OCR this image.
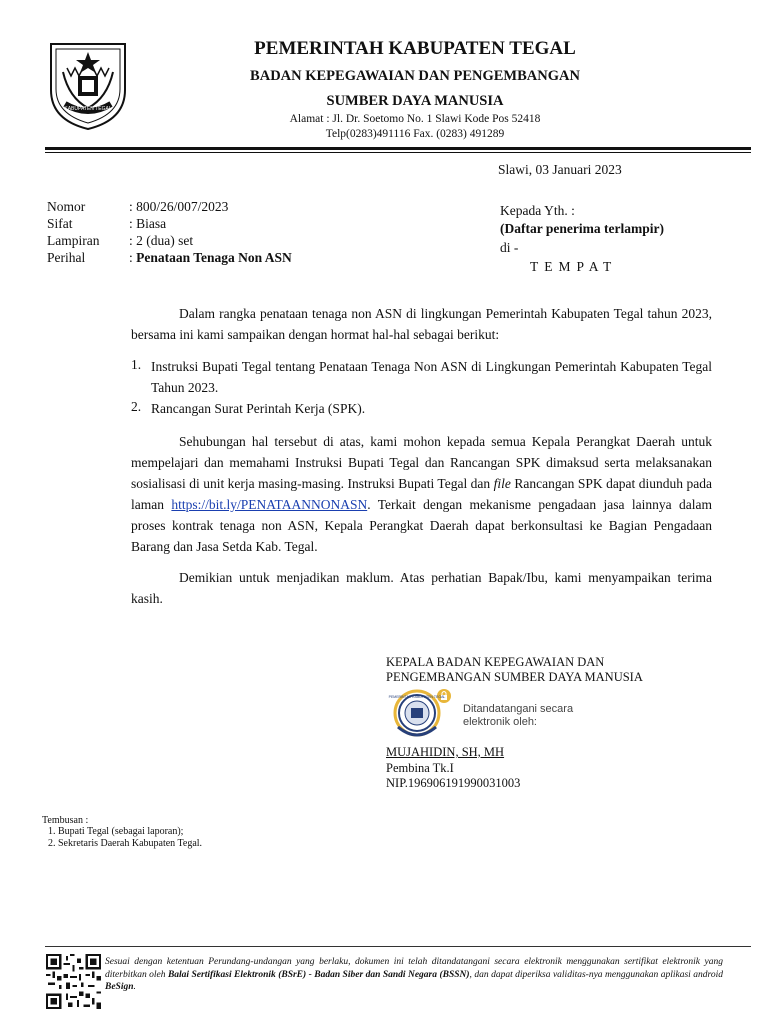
KABUPATEN TEGAL
PEMERINTAH KABUPATEN TEGAL
BADAN KEPEGAWAIAN DAN PENGEMBANGAN
SUMBER DAYA MANUSIA
Alamat : Jl. Dr. Soetomo No. 1 Slawi Kode Pos 52418
Telp(0283)491116 Fax. (0283) 491289
Slawi, 03 Januari 2023
Nomor	: 800/26/007/2023
Sifat	: Biasa
Lampiran	: 2 (dua) set
Perihal	: Penataan Tenaga Non ASN
Kepada Yth. :
(Daftar penerima terlampir)
di -
TEMPAT
Dalam rangka penataan tenaga non ASN di lingkungan Pemerintah Kabupaten Tegal tahun 2023, bersama ini kami sampaikan dengan hormat hal-hal sebagai berikut:
1. Instruksi Bupati Tegal tentang Penataan Tenaga Non ASN di Lingkungan Pemerintah Kabupaten Tegal Tahun 2023.
2. Rancangan Surat Perintah Kerja (SPK).
Sehubungan hal tersebut di atas, kami mohon kepada semua Kepala Perangkat Daerah untuk mempelajari dan memahami Instruksi Bupati Tegal dan Rancangan SPK dimaksud serta melaksanakan sosialisasi di unit kerja masing-masing. Instruksi Bupati Tegal dan file Rancangan SPK dapat diunduh pada laman https://bit.ly/PENATAANNONASN. Terkait dengan mekanisme pengadaan jasa lainnya dalam proses kontrak tenaga non ASN, Kepala Perangkat Daerah dapat berkonsultasi ke Bagian Pengadaan Barang dan Jasa Setda Kab. Tegal.
Demikian untuk menjadikan maklum. Atas perhatian Bapak/Ibu, kami menyampaikan terima kasih.
KEPALA BADAN KEPEGAWAIAN DAN
PENGEMBANGAN SUMBER DAYA MANUSIA
PEMERINTAH KABUPATEN TEGAL
Ditandatangani secara
elektronik oleh:
MUJAHIDIN, SH, MH
Pembina Tk.I
NIP.196906191990031003
Tembusan :
1. Bupati Tegal (sebagai laporan);
2. Sekretaris Daerah Kabupaten Tegal.
Sesuai dengan ketentuan Perundang-undangan yang berlaku, dokumen ini telah ditandatangani secara elektronik menggunakan sertifikat elektronik yang diterbitkan oleh Balai Sertifikasi Elektronik (BSrE) - Badan Siber dan Sandi Negara (BSSN), dan dapat diperiksa validitas-nya menggunakan aplikasi android BeSign.
